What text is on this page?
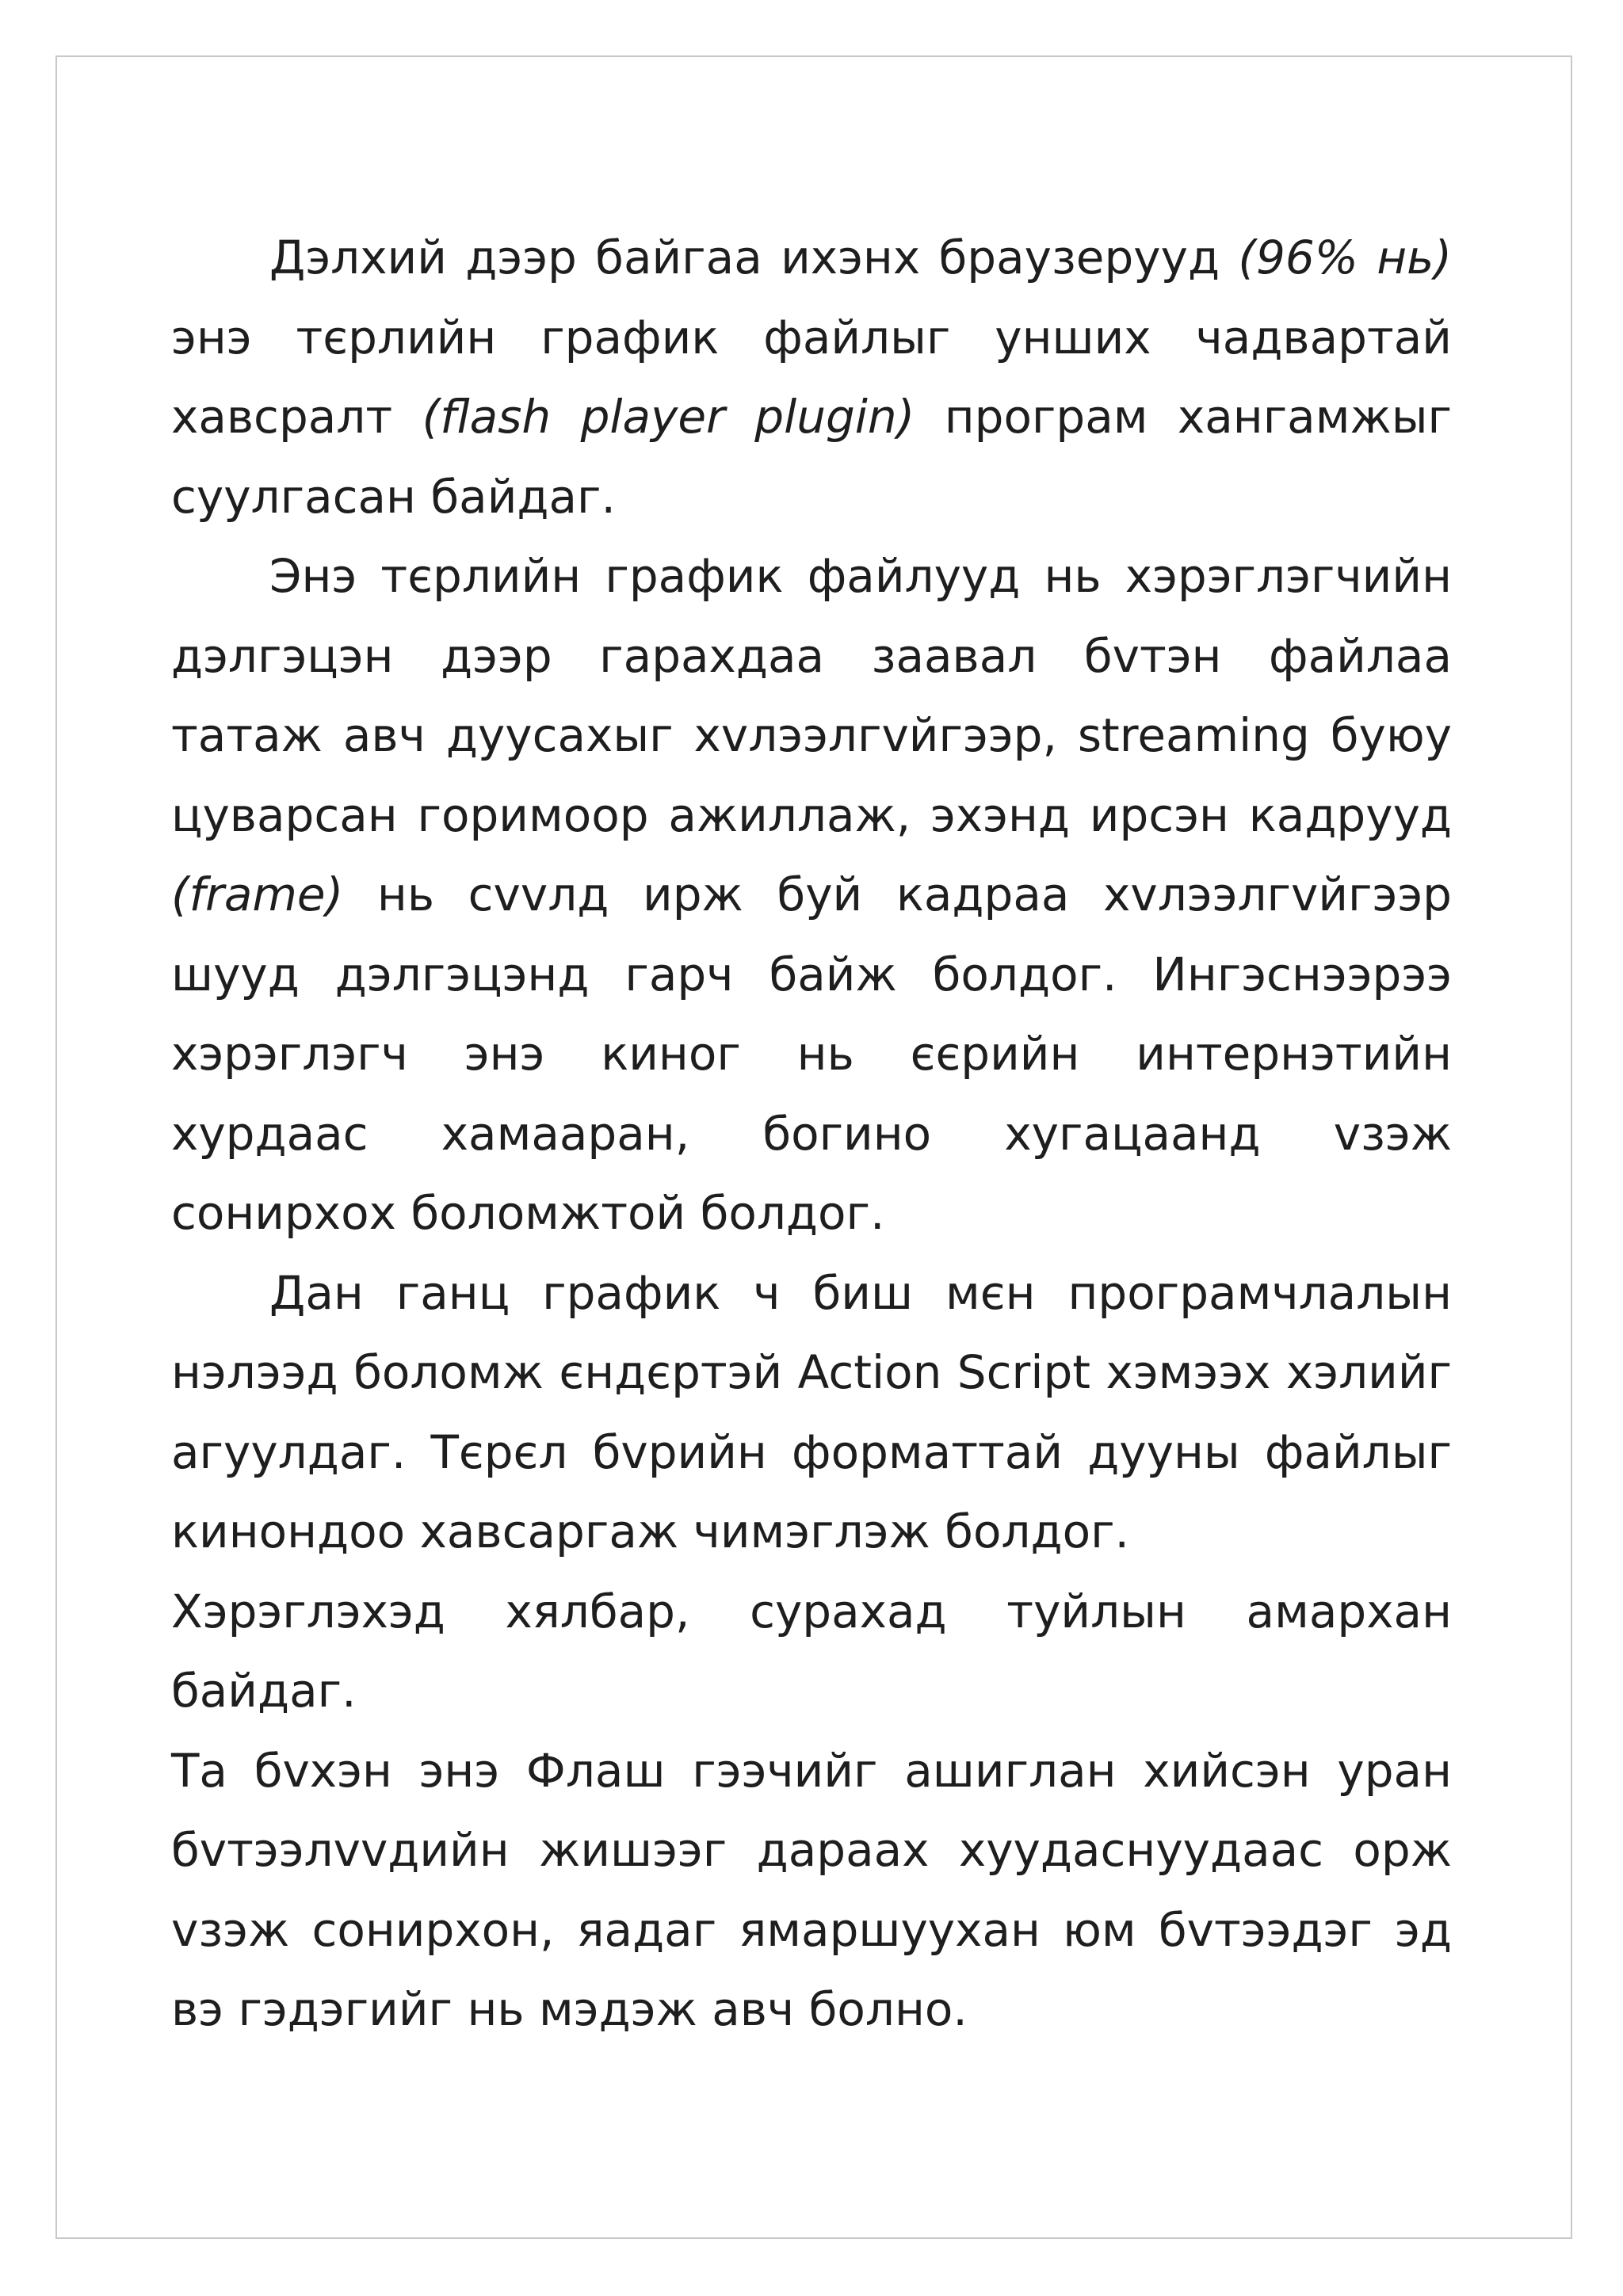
Дэлхий дээр байгаа ихэнх браузерууд (96% нь) энэ тєрлийн график файлыг унших чадвартай хавсралт (flash player plugin) програм хангамжыг суулгасан байдаг.

Энэ тєрлийн график файлууд нь хэрэглэгчийн дэлгэцэн дээр гарахдаа заавал бvтэн файлаа татаж авч дуусахыг хvлээлгvйгээр, streaming буюу цуварсан горимоор ажиллаж, эхэнд ирсэн кадрууд (frame) нь сvvлд ирж буй кадраа хvлээлгvйгээр шууд дэлгэцэнд гарч байж болдог. Ингэснээрээ хэрэглэгч энэ киног нь єєрийн интернэтийн хурдаас хамааран, богино хугацаанд vзэж сонирхох боломжтой болдог.

Дан ганц график ч биш мєн програмчлалын нэлээд боломж єндєртэй Action Script хэмээх хэлийг агуулдаг. Тєрєл бvрийн форматтай дууны файлыг кинондоо хавсаргаж чимэглэж болдог.

Хэрэглэхэд хялбар, сурахад туйлын амархан байдаг.

Та бvхэн энэ Флаш гээчийг ашиглан хийсэн уран бvтээлvvдийн жишээг дараах хуудаснуудаас орж vзэж сонирхон, яадаг ямаршуухан юм бvтээдэг эд вэ гэдэгийг нь мэдэж авч болно.
